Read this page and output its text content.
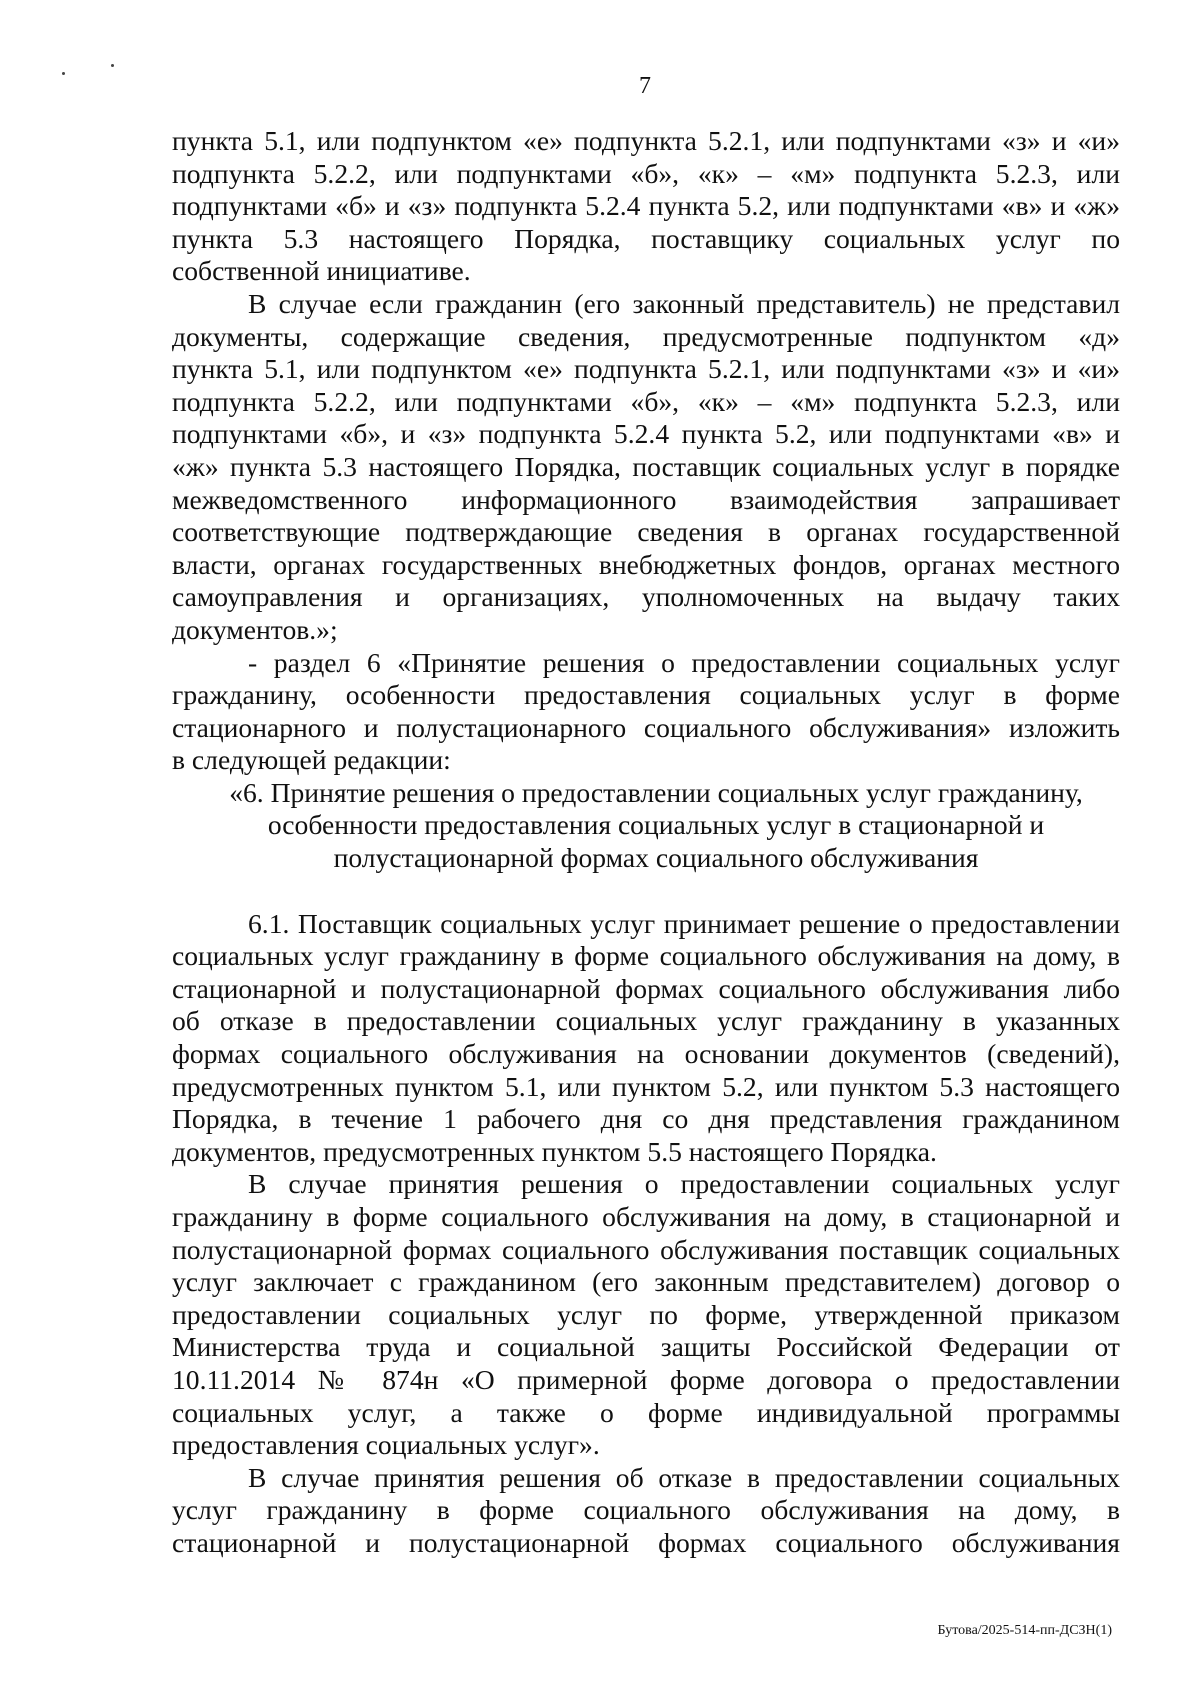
7

пункта 5.1, или подпунктом «е» подпункта 5.2.1, или подпунктами «з» и «и»

подпункта 5.2.2, или подпунктами «б», «к» – «м» подпункта 5.2.3, или

подпунктами «б» и «з» подпункта 5.2.4 пункта 5.2, или подпунктами «в» и «ж»

пункта 5.3 настоящего Порядка, поставщику социальных услуг по

собственной инициативе.

В случае если гражданин (его законный представитель) не представил

документы, содержащие сведения, предусмотренные подпунктом «д»

пункта 5.1, или подпунктом «е» подпункта 5.2.1, или подпунктами «з» и «и»

подпункта 5.2.2, или подпунктами «б», «к» – «м» подпункта 5.2.3, или

подпунктами «б», и «з» подпункта 5.2.4 пункта 5.2, или подпунктами «в» и

«ж» пункта 5.3 настоящего Порядка, поставщик социальных услуг в порядке

межведомственного информационного взаимодействия запрашивает

соответствующие подтверждающие сведения в органах государственной

власти, органах государственных внебюджетных фондов, органах местного

самоуправления и организациях, уполномоченных на выдачу таких

документов.»;

- раздел 6 «Принятие решения о предоставлении социальных услуг

гражданину, особенности предоставления социальных услуг в форме

стационарного и полустационарного социального обслуживания» изложить

в следующей редакции:

«6. Принятие решения о предоставлении социальных услуг гражданину,

особенности предоставления социальных услуг в стационарной и

полустационарной формах социального обслуживания

6.1. Поставщик социальных услуг принимает решение о предоставлении

социальных услуг гражданину в форме социального обслуживания на дому, в

стационарной и полустационарной формах социального обслуживания либо

об отказе в предоставлении социальных услуг гражданину в указанных

формах социального обслуживания на основании документов (сведений),

предусмотренных пунктом 5.1, или пунктом 5.2, или пунктом 5.3 настоящего

Порядка, в течение 1 рабочего дня со дня представления гражданином

документов, предусмотренных пунктом 5.5 настоящего Порядка.

В случае принятия решения о предоставлении социальных услуг

гражданину в форме социального обслуживания на дому, в стационарной и

полустационарной формах социального обслуживания поставщик социальных

услуг заключает с гражданином (его законным представителем) договор о

предоставлении социальных услуг по форме, утвержденной приказом

Министерства труда и социальной защиты Российской Федерации от

10.11.2014 № 874н «О примерной форме договора о предоставлении

социальных услуг, а также о форме индивидуальной программы

предоставления социальных услуг».

В случае принятия решения об отказе в предоставлении социальных

услуг гражданину в форме социального обслуживания на дому, в

стационарной и полустационарной формах социального обслуживания

Бутова/2025-514-пп-ДСЗН(1)
